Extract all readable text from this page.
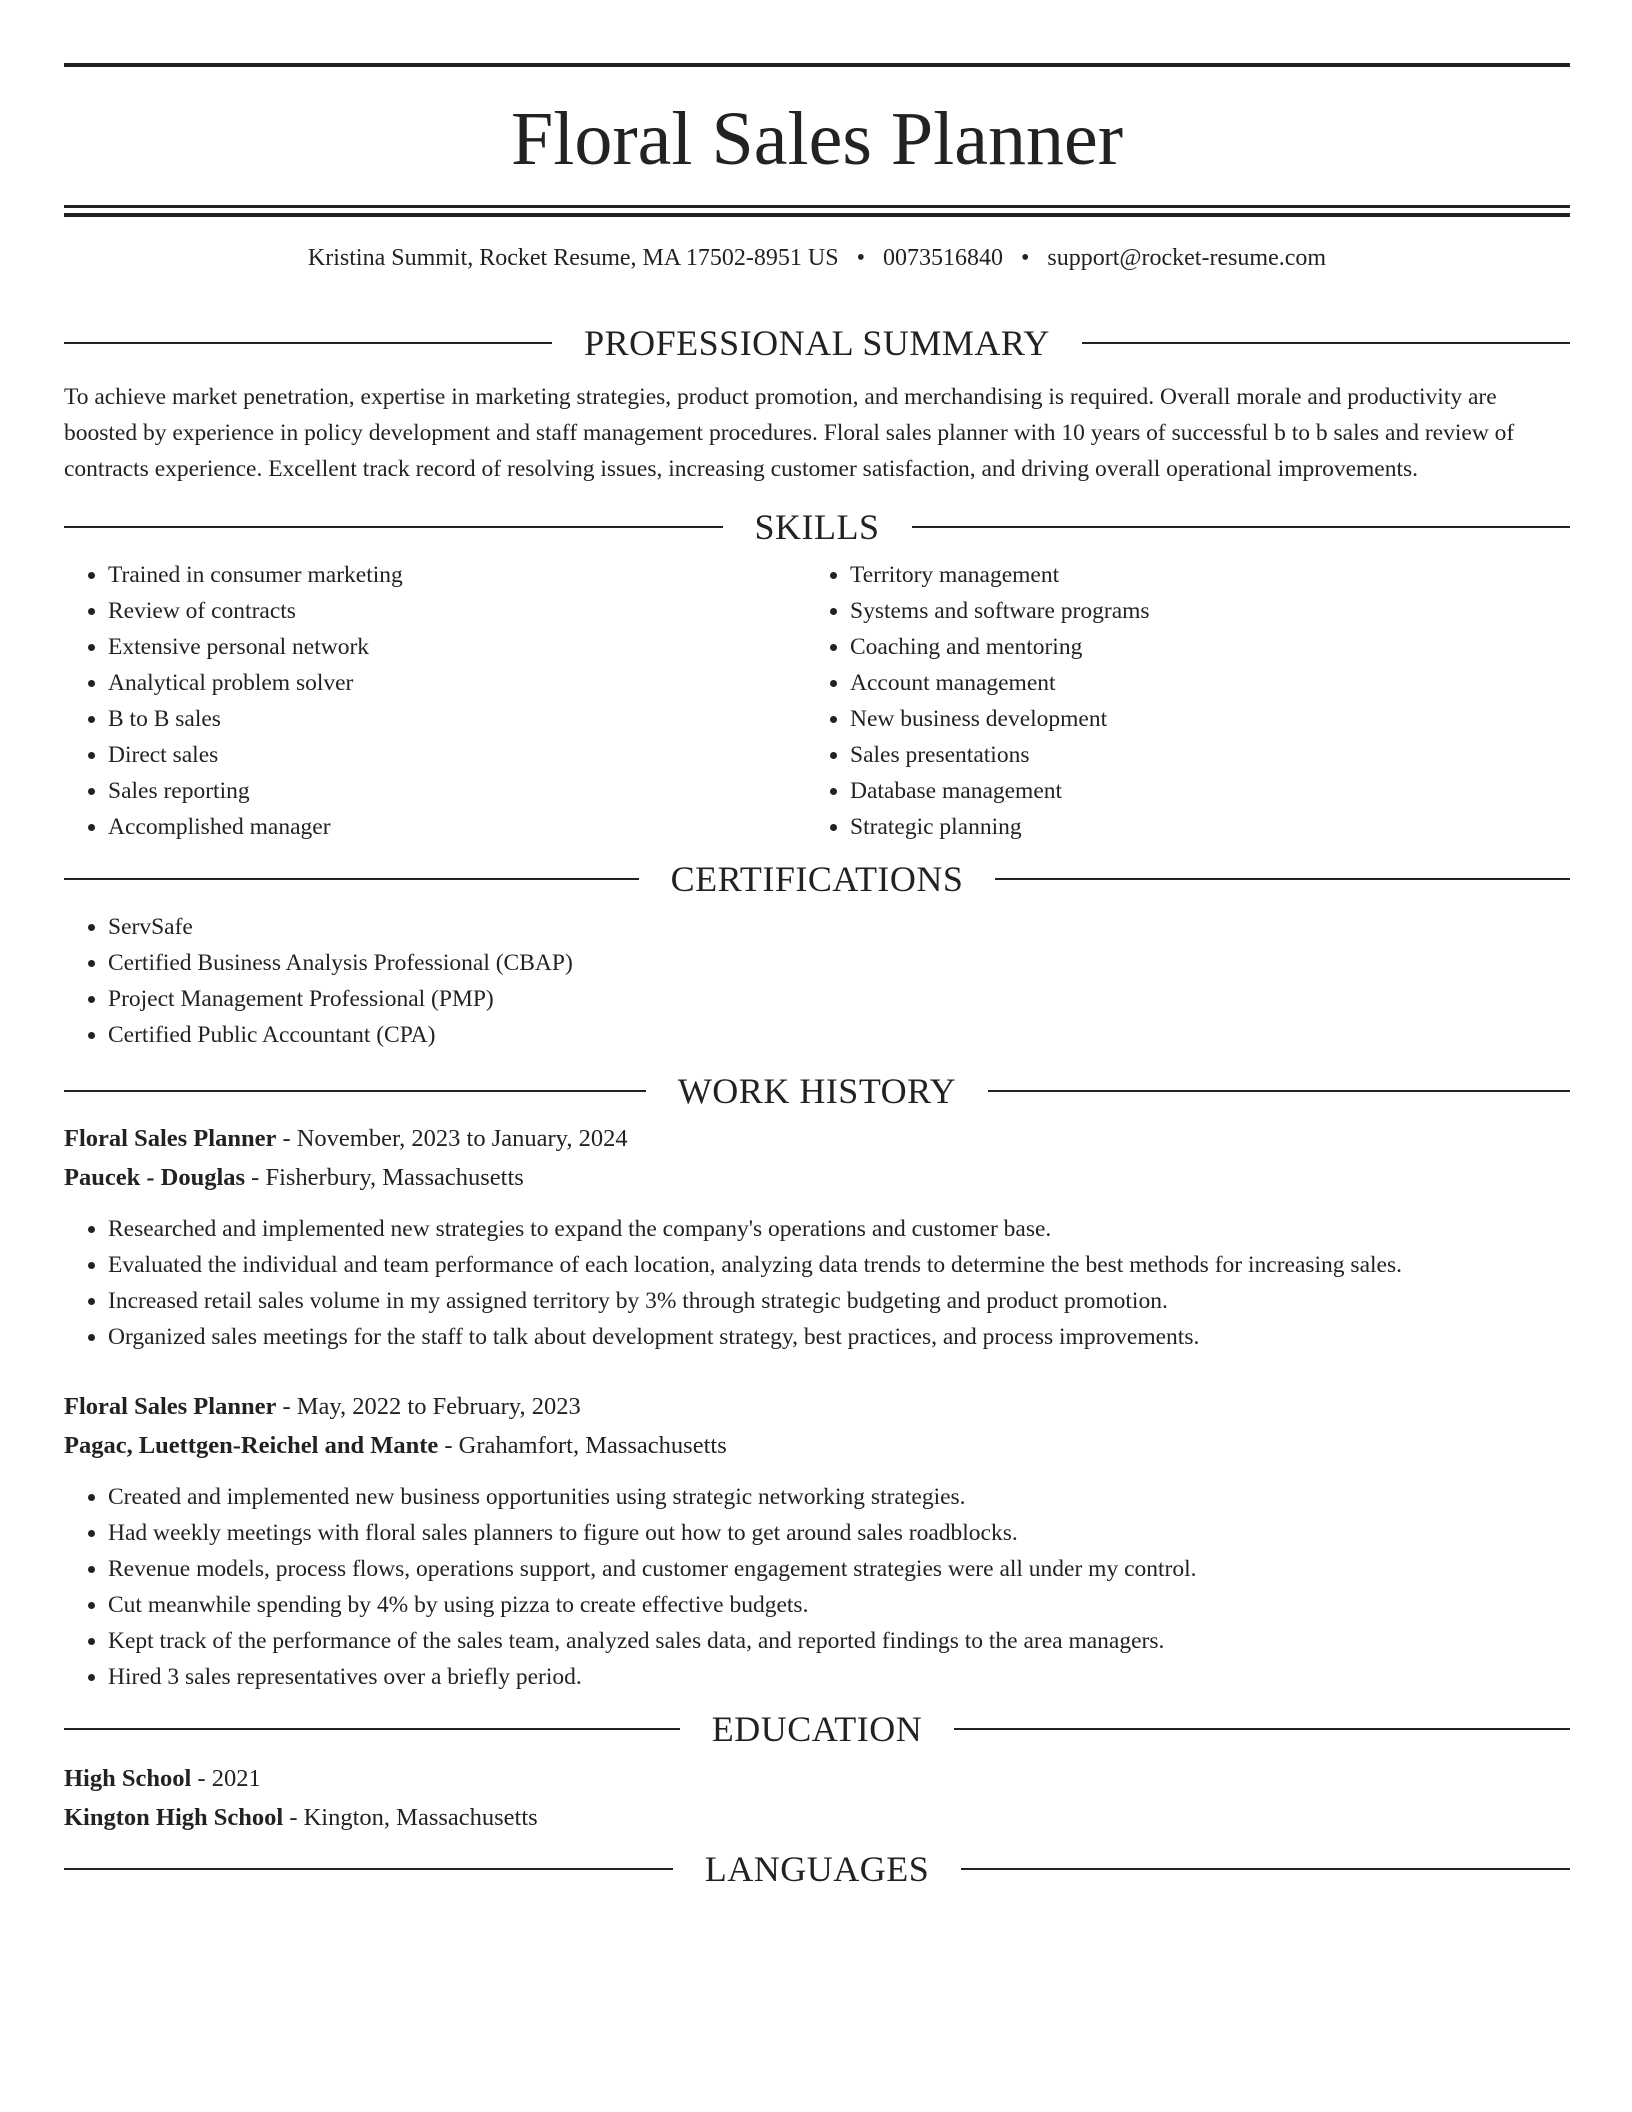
Floral Sales Planner
Kristina Summit, Rocket Resume, MA 17502-8951 US • 0073516840 • support@rocket-resume.com
PROFESSIONAL SUMMARY

To achieve market penetration, expertise in marketing strategies, product promotion, and merchandising is required. Overall morale and productivity are boosted by experience in policy development and staff management procedures. Floral sales planner with 10 years of successful b to b sales and review of contracts experience. Excellent track record of resolving issues, increasing customer satisfaction, and driving overall operational improvements.

SKILLS
• Trained in consumer marketing
• Review of contracts
• Extensive personal network
• Analytical problem solver
• B to B sales
• Direct sales
• Sales reporting
• Accomplished manager
• Territory management
• Systems and software programs
• Coaching and mentoring
• Account management
• New business development
• Sales presentations
• Database management
• Strategic planning
CERTIFICATIONS
• ServSafe
• Certified Business Analysis Professional (CBAP)
• Project Management Professional (PMP)
• Certified Public Accountant (CPA)
WORK HISTORY
Floral Sales Planner - November, 2023 to January, 2024
Paucek - Douglas - Fisherbury, Massachusetts
• Researched and implemented new strategies to expand the company's operations and customer base.
• Evaluated the individual and team performance of each location, analyzing data trends to determine the best methods for increasing sales.
• Increased retail sales volume in my assigned territory by 3% through strategic budgeting and product promotion.
• Organized sales meetings for the staff to talk about development strategy, best practices, and process improvements.
Floral Sales Planner - May, 2022 to February, 2023
Pagac, Luettgen-Reichel and Mante - Grahamfort, Massachusetts
• Created and implemented new business opportunities using strategic networking strategies.
• Had weekly meetings with floral sales planners to figure out how to get around sales roadblocks.
• Revenue models, process flows, operations support, and customer engagement strategies were all under my control.
• Cut meanwhile spending by 4% by using pizza to create effective budgets.
• Kept track of the performance of the sales team, analyzed sales data, and reported findings to the area managers.
• Hired 3 sales representatives over a briefly period.
EDUCATION
High School - 2021
Kington High School - Kington, Massachusetts
LANGUAGES
